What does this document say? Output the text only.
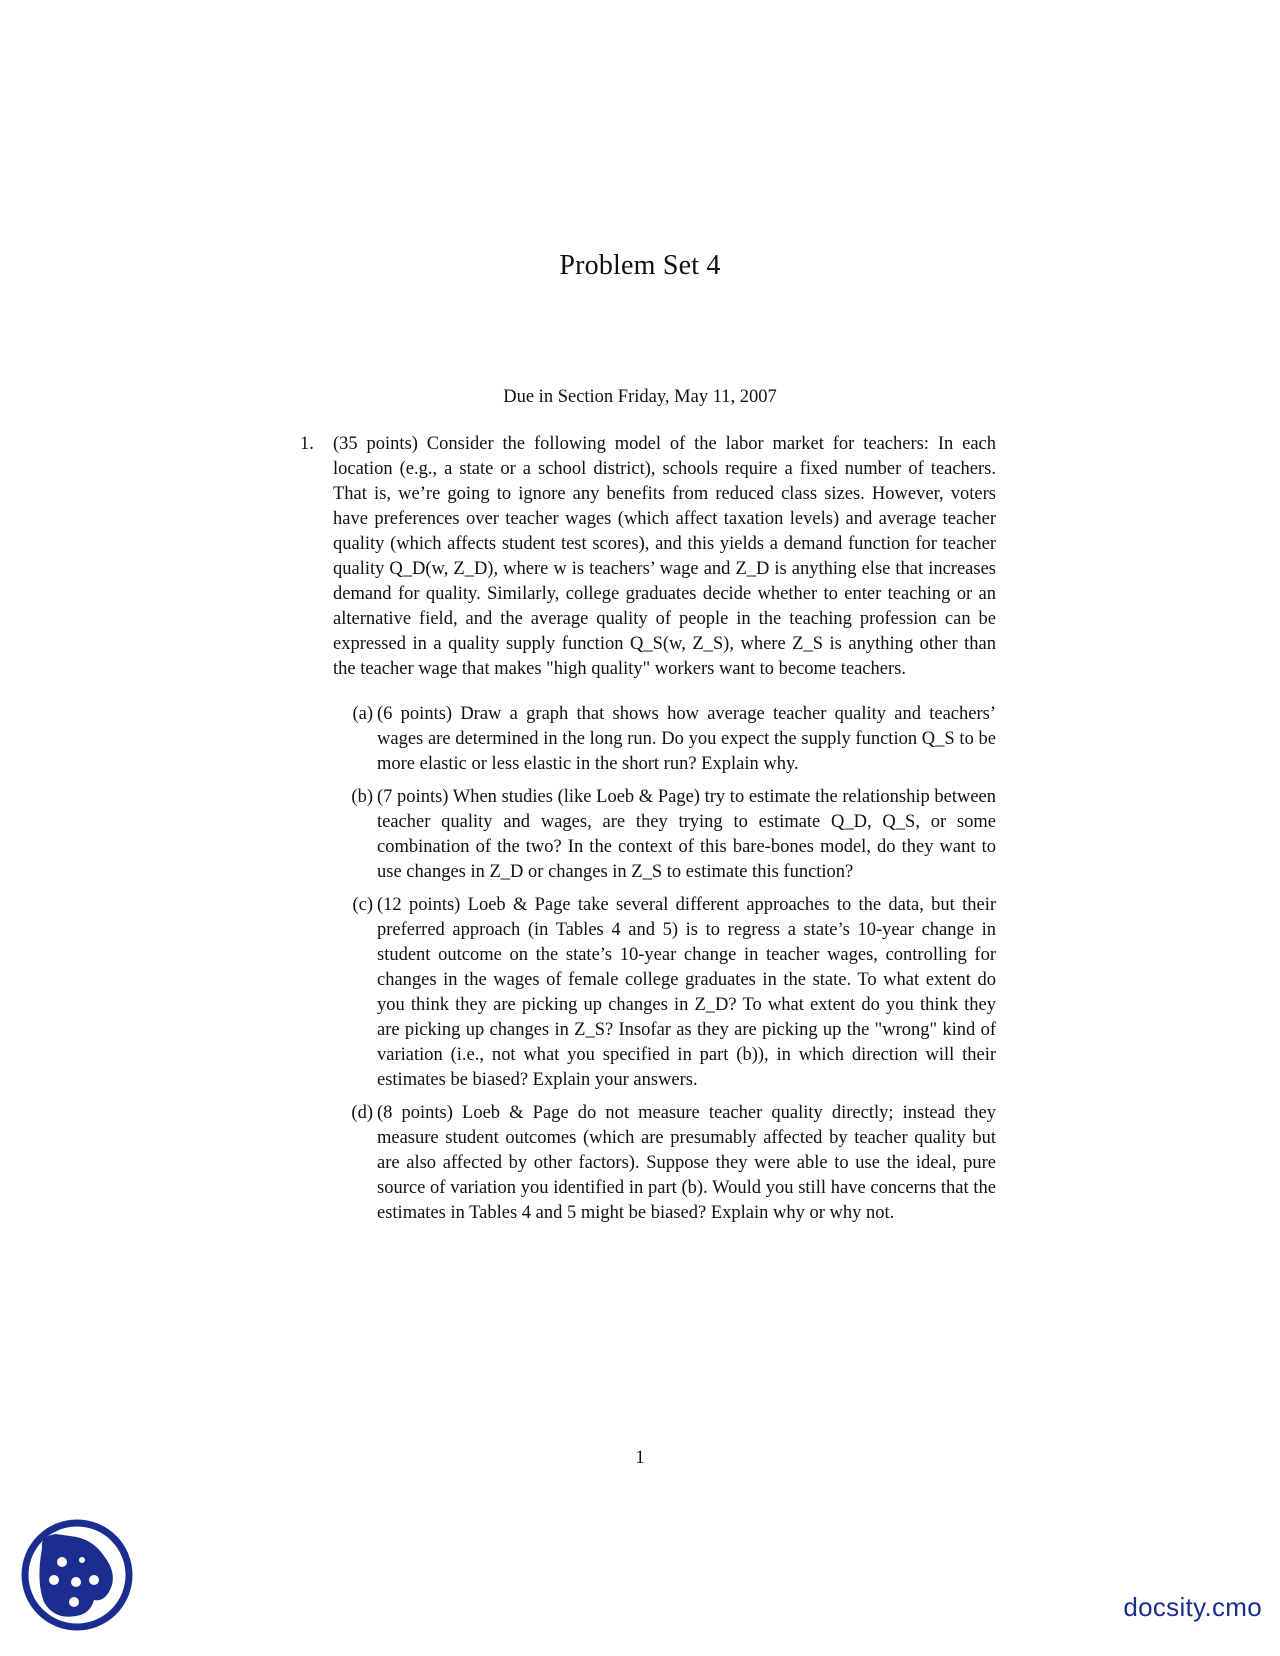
Problem Set 4
Due in Section Friday, May 11, 2007
1. (35 points) Consider the following model of the labor market for teachers: In each location (e.g., a state or a school district), schools require a fixed number of teachers. That is, we’re going to ignore any benefits from reduced class sizes. However, voters have preferences over teacher wages (which affect taxation levels) and average teacher quality (which affects student test scores), and this yields a demand function for teacher quality Q_D(w, Z_D), where w is teachers’ wage and Z_D is anything else that increases demand for quality. Similarly, college graduates decide whether to enter teaching or an alternative field, and the average quality of people in the teaching profession can be expressed in a quality supply function Q_S(w, Z_S), where Z_S is anything other than the teacher wage that makes "high quality" workers want to become teachers.
(a) (6 points) Draw a graph that shows how average teacher quality and teachers’ wages are determined in the long run. Do you expect the supply function Q_S to be more elastic or less elastic in the short run? Explain why.
(b) (7 points) When studies (like Loeb & Page) try to estimate the relationship between teacher quality and wages, are they trying to estimate Q_D, Q_S, or some combination of the two? In the context of this bare-bones model, do they want to use changes in Z_D or changes in Z_S to estimate this function?
(c) (12 points) Loeb & Page take several different approaches to the data, but their preferred approach (in Tables 4 and 5) is to regress a state’s 10-year change in student outcome on the state’s 10-year change in teacher wages, controlling for changes in the wages of female college graduates in the state. To what extent do you think they are picking up changes in Z_D? To what extent do you think they are picking up changes in Z_S? Insofar as they are picking up the "wrong" kind of variation (i.e., not what you specified in part (b)), in which direction will their estimates be biased? Explain your answers.
(d) (8 points) Loeb & Page do not measure teacher quality directly; instead they measure student outcomes (which are presumably affected by teacher quality but are also affected by other factors). Suppose they were able to use the ideal, pure source of variation you identified in part (b). Would you still have concerns that the estimates in Tables 4 and 5 might be biased? Explain why or why not.
1
docsity.cmo
